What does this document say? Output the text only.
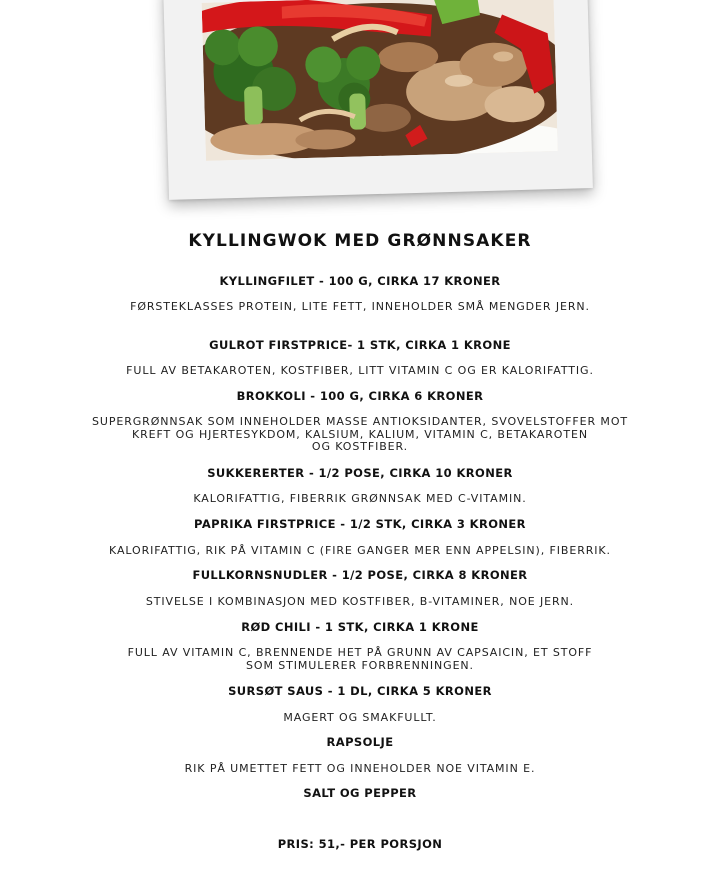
KYLLINGWOK MED GRØNNSAKER
KYLLINGFILET - 100 G, CIRKA 17 KRONER
FØRSTEKLASSES PROTEIN, LITE FETT, INNEHOLDER SMÅ MENGDER JERN.
GULROT FIRSTPRICE- 1 STK, CIRKA 1 KRONE
FULL AV BETAKAROTEN, KOSTFIBER, LITT VITAMIN C OG ER KALORIFATTIG.
BROKKOLI - 100 G, CIRKA 6 KRONER
SUPERGRØNNSAK SOM INNEHOLDER MASSE ANTIOKSIDANTER, SVOVELSTOFFER MOT
KREFT OG HJERTESYKDOM, KALSIUM, KALIUM, VITAMIN C, BETAKAROTEN
OG KOSTFIBER.
SUKKERERTER - 1/2 POSE, CIRKA 10 KRONER
KALORIFATTIG, FIBERRIK GRØNNSAK MED C-VITAMIN.
PAPRIKA FIRSTPRICE - 1/2 STK, CIRKA 3 KRONER
KALORIFATTIG, RIK PÅ VITAMIN C (FIRE GANGER MER ENN APPELSIN), FIBERRIK.
FULLKORNSNUDLER - 1/2 POSE, CIRKA 8 KRONER
STIVELSE I KOMBINASJON MED KOSTFIBER, B-VITAMINER, NOE JERN.
RØD CHILI - 1 STK, CIRKA 1 KRONE
FULL AV VITAMIN C, BRENNENDE HET PÅ GRUNN AV CAPSAICIN, ET STOFF
SOM STIMULERER FORBRENNINGEN.
SURSØT SAUS - 1 DL, CIRKA 5 KRONER
MAGERT OG SMAKFULLT.
RAPSOLJE
RIK PÅ UMETTET FETT OG INNEHOLDER NOE VITAMIN E.
SALT OG PEPPER
PRIS: 51,- PER PORSJON
